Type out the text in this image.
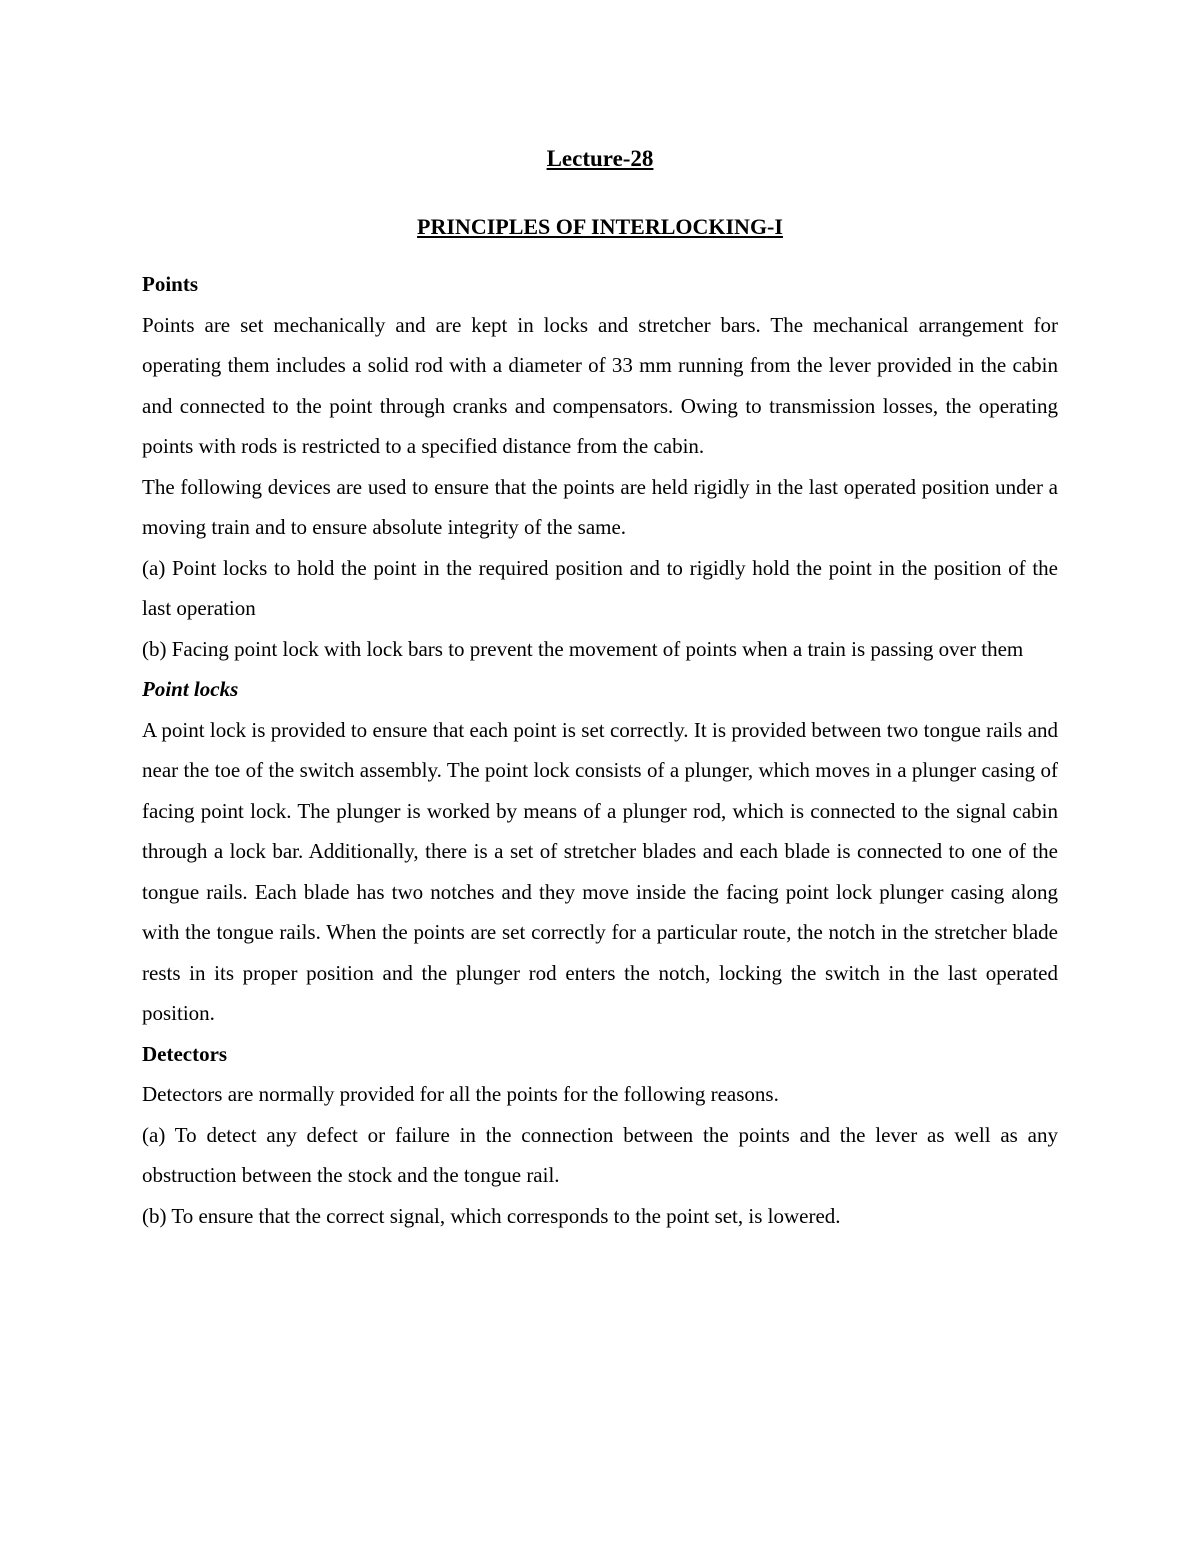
Lecture-28

PRINCIPLES OF INTERLOCKING-I

Points

Points are set mechanically and are kept in locks and stretcher bars. The mechanical arrangement for operating them includes a solid rod with a diameter of 33 mm running from the lever provided in the cabin and connected to the point through cranks and compensators. Owing to transmission losses, the operating points with rods is restricted to a specified distance from the cabin.

The following devices are used to ensure that the points are held rigidly in the last operated position under a moving train and to ensure absolute integrity of the same.

(a) Point locks to hold the point in the required position and to rigidly hold the point in the position of the last operation

(b) Facing point lock with lock bars to prevent the movement of points when a train is passing over them

Point locks

A point lock is provided to ensure that each point is set correctly. It is provided between two tongue rails and near the toe of the switch assembly. The point lock consists of a plunger, which moves in a plunger casing of facing point lock. The plunger is worked by means of a plunger rod, which is connected to the signal cabin through a lock bar. Additionally, there is a set of stretcher blades and each blade is connected to one of the tongue rails. Each blade has two notches and they move inside the facing point lock plunger casing along with the tongue rails. When the points are set correctly for a particular route, the notch in the stretcher blade rests in its proper position and the plunger rod enters the notch, locking the switch in the last operated position.

Detectors

Detectors are normally provided for all the points for the following reasons.

(a) To detect any defect or failure in the connection between the points and the lever as well as any obstruction between the stock and the tongue rail.

(b) To ensure that the correct signal, which corresponds to the point set, is lowered.
